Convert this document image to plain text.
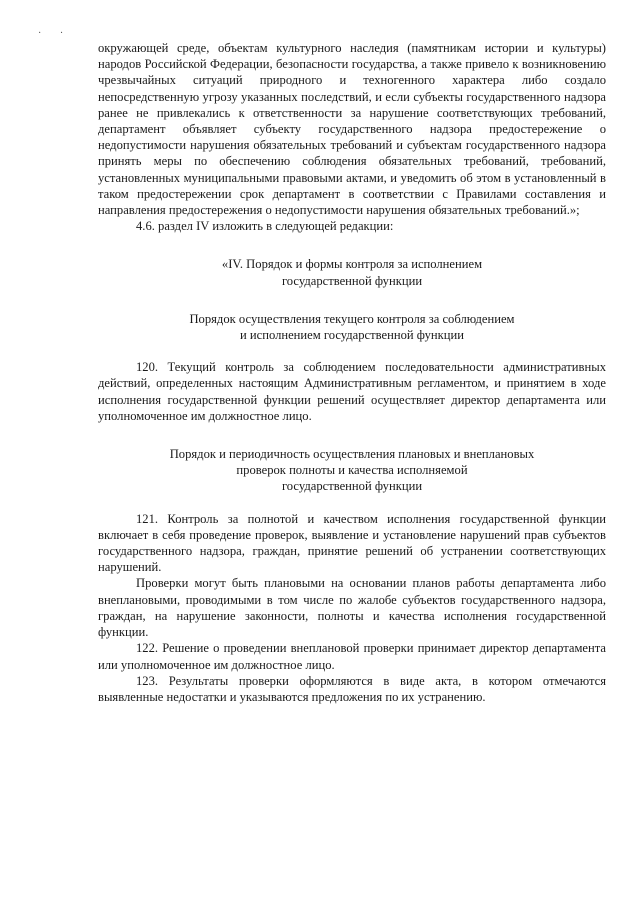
· ·

окружающей среде, объектам культурного наследия (памятникам истории и культуры) народов Российской Федерации, безопасности государства, а также привело к возникновению чрезвычайных ситуаций природного и техногенного характера либо создало непосредственную угрозу указанных последствий, и если субъекты государственного надзора ранее не привлекались к ответственности за нарушение соответствующих требований, департамент объявляет субъекту государственного надзора предостережение о недопустимости нарушения обязательных требований и субъектам государственного надзора принять меры по обеспечению соблюдения обязательных требований, требований, установленных муниципальными правовыми актами, и уведомить об этом в установленный в таком предостережении срок департамент в соответствии с Правилами составления и направления предостережения о недопустимости нарушения обязательных требований.»;

4.6. раздел IV изложить в следующей редакции:

«IV. Порядок и формы контроля за исполнением
государственной функции

Порядок осуществления текущего контроля за соблюдением
и исполнением государственной функции

120. Текущий контроль за соблюдением последовательности административных действий, определенных настоящим Административным регламентом, и принятием в ходе исполнения государственной функции решений осуществляет директор департамента или уполномоченное им должностное лицо.

Порядок и периодичность осуществления плановых и внеплановых
проверок полноты и качества исполняемой
государственной функции

121. Контроль за полнотой и качеством исполнения государственной функции включает в себя проведение проверок, выявление и установление нарушений прав субъектов государственного надзора, граждан, принятие решений об устранении соответствующих нарушений.

Проверки могут быть плановыми на основании планов работы департамента либо внеплановыми, проводимыми в том числе по жалобе субъектов государственного надзора, граждан, на нарушение законности, полноты и качества исполнения государственной функции.

122. Решение о проведении внеплановой проверки принимает директор департамента или уполномоченное им должностное лицо.

123. Результаты проверки оформляются в виде акта, в котором отмечаются выявленные недостатки и указываются предложения по их устранению.
